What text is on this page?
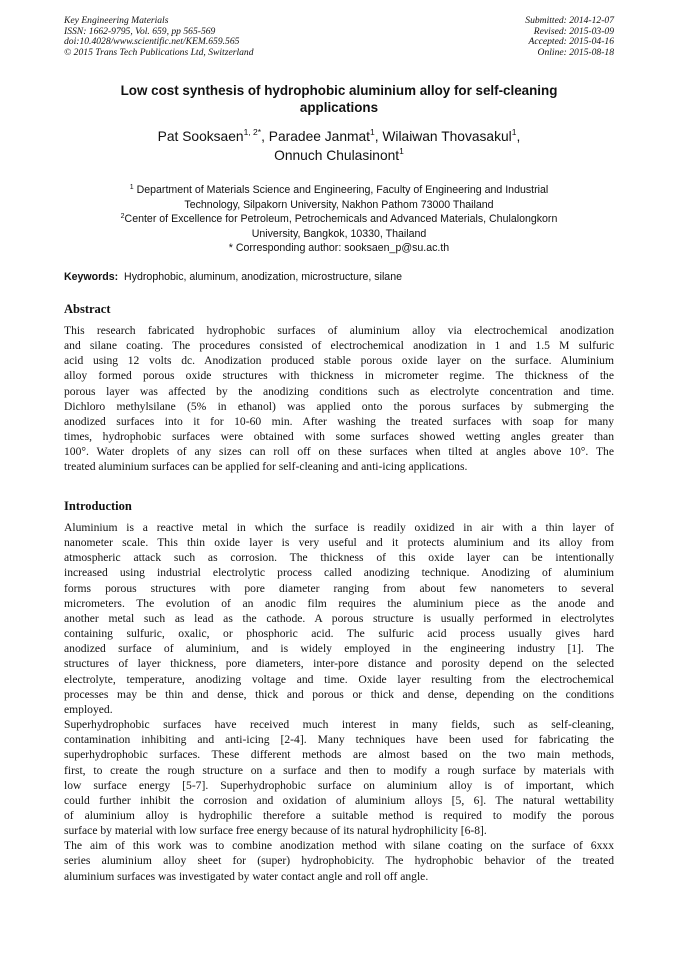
Key Engineering Materials
ISSN: 1662-9795, Vol. 659, pp 565-569
doi:10.4028/www.scientific.net/KEM.659.565
© 2015 Trans Tech Publications Ltd, Switzerland
Submitted: 2014-12-07
Revised: 2015-03-09
Accepted: 2015-04-16
Online: 2015-08-18
Low cost synthesis of hydrophobic aluminium alloy for self-cleaning
applications
Pat Sooksaen$^{1, 2*}$, Paradee Janmat$^1$, Wilaiwan Thovasakul$^1$,
Onnuch Chulasinont$^1$
$^1$ Department of Materials Science and Engineering, Faculty of Engineering and Industrial
Technology, Silpakorn University, Nakhon Pathom 73000 Thailand
$^2$Center of Excellence for Petroleum, Petrochemicals and Advanced Materials, Chulalongkorn
University, Bangkok, 10330, Thailand
* Corresponding author: sooksaen_p@su.ac.th
Keywords:  Hydrophobic, aluminum, anodization, microstructure, silane
Abstract
This research fabricated hydrophobic surfaces of aluminium alloy via electrochemical anodization
and silane coating. The procedures consisted of electrochemical anodization in 1 and 1.5 M sulfuric
acid using 12 volts dc. Anodization produced stable porous oxide layer on the surface. Aluminium
alloy formed porous oxide structures with thickness in micrometer regime. The thickness of the
porous layer was affected by the anodizing conditions such as electrolyte concentration and time.
Dichloro methylsilane (5% in ethanol) was applied onto the porous surfaces by submerging the
anodized surfaces into it for 10-60 min. After washing the treated surfaces with soap for many
times, hydrophobic surfaces were obtained with some surfaces showed wetting angles greater than
100°. Water droplets of any sizes can roll off on these surfaces when tilted at angles above 10°. The
treated aluminium surfaces can be applied for self-cleaning and anti-icing applications.
Introduction
Aluminium is a reactive metal in which the surface is readily oxidized in air with a thin layer of
nanometer scale. This thin oxide layer is very useful and it protects aluminium and its alloy from
atmospheric attack such as corrosion. The thickness of this oxide layer can be intentionally
increased using industrial electrolytic process called anodizing technique. Anodizing of aluminium
forms porous structures with pore diameter ranging from about few nanometers to several
micrometers. The evolution of an anodic film requires the aluminium piece as the anode and
another metal such as lead as the cathode. A porous structure is usually performed in electrolytes
containing sulfuric, oxalic, or phosphoric acid. The sulfuric acid process usually gives hard
anodized surface of aluminium, and is widely employed in the engineering industry [1]. The
structures of layer thickness, pore diameters, inter-pore distance and porosity depend on the selected
electrolyte, temperature, anodizing voltage and time. Oxide layer resulting from the electrochemical
processes may be thin and dense, thick and porous or thick and dense, depending on the conditions
employed.
Superhydrophobic surfaces have received much interest in many fields, such as self-cleaning,
contamination inhibiting and anti-icing [2-4]. Many techniques have been used for fabricating the
superhydrophobic surfaces. These different methods are almost based on the two main methods,
first, to create the rough structure on a surface and then to modify a rough surface by materials with
low surface energy [5-7]. Superhydrophobic surface on aluminium alloy is of important, which
could further inhibit the corrosion and oxidation of aluminium alloys [5, 6]. The natural wettability
of aluminium alloy is hydrophilic therefore a suitable method is required to modify the porous
surface by material with low surface free energy because of its natural hydrophilicity [6-8].
The aim of this work was to combine anodization method with silane coating on the surface of 6xxx
series aluminium alloy sheet for (super) hydrophobicity. The hydrophobic behavior of the treated
aluminium surfaces was investigated by water contact angle and roll off angle.
